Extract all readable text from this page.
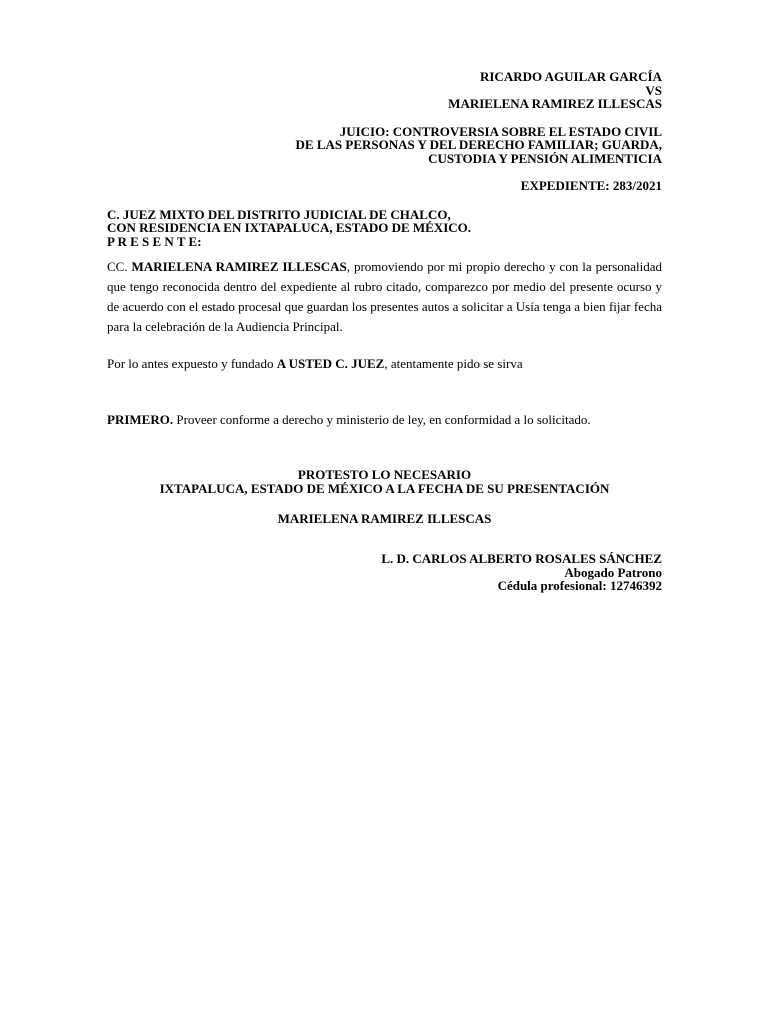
RICARDO AGUILAR GARCÍA
VS
MARIELENA RAMIREZ ILLESCAS
JUICIO: CONTROVERSIA SOBRE EL ESTADO CIVIL
DE LAS PERSONAS Y DEL DERECHO FAMILIAR; GUARDA,
CUSTODIA Y PENSIÓN ALIMENTICIA
EXPEDIENTE: 283/2021
C. JUEZ MIXTO DEL DISTRITO JUDICIAL DE CHALCO,
CON RESIDENCIA EN IXTAPALUCA, ESTADO DE MÉXICO.
P R E S E N T E:
CC. MARIELENA RAMIREZ ILLESCAS, promoviendo por mi propio derecho y con la personalidad que tengo reconocida dentro del expediente al rubro citado, comparezco por medio del presente ocurso y de acuerdo con el estado procesal que guardan los presentes autos a solicitar a Usía tenga a bien fijar fecha para la celebración de la Audiencia Principal.
Por lo antes expuesto y fundado A USTED C. JUEZ, atentamente pido se sirva
PRIMERO. Proveer conforme a derecho y ministerio de ley, en conformidad a lo solicitado.
PROTESTO LO NECESARIO
IXTAPALUCA, ESTADO DE MÉXICO A LA FECHA DE SU PRESENTACIÓN
MARIELENA RAMIREZ ILLESCAS
L. D. CARLOS ALBERTO ROSALES SÁNCHEZ
Abogado Patrono
Cédula profesional: 12746392
